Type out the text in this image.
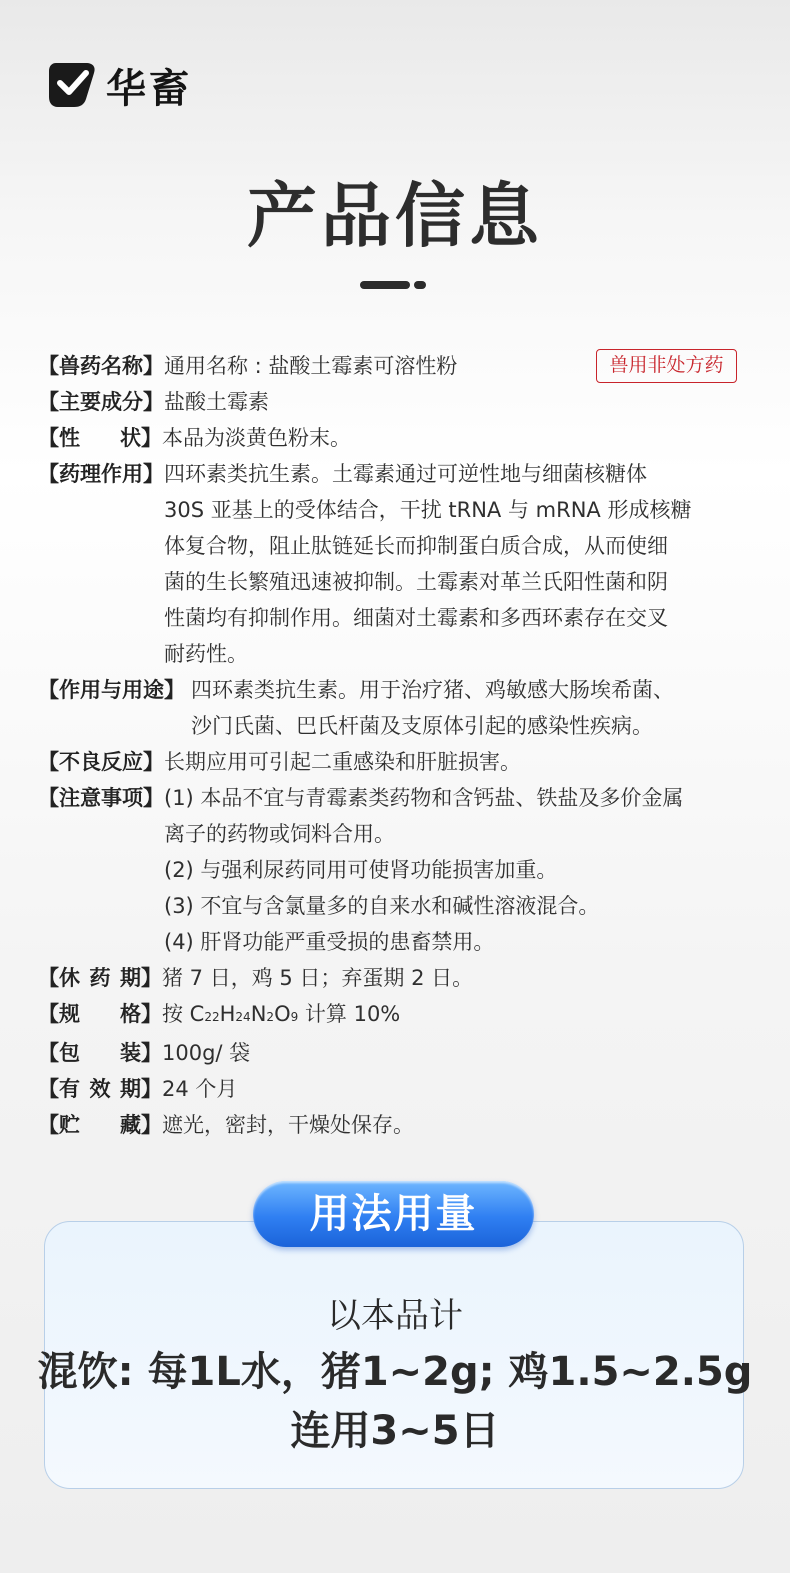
华畜
产品信息
兽用非处方药
【兽药名称】 通用名称 : 盐酸土霉素可溶性粉
【主要成分】 盐酸土霉素
【性 状】 本品为淡黄色粉末。
【药理作用】 四环素类抗生素。土霉素通过可逆性地与细菌核糖体
30S 亚基上的受体结合，干扰 tRNA 与 mRNA 形成核糖
体复合物，阻止肽链延长而抑制蛋白质合成，从而使细
菌的生长繁殖迅速被抑制。土霉素对革兰氏阳性菌和阴
性菌均有抑制作用。细菌对土霉素和多西环素存在交叉
耐药性。
【作用与用途】 四环素类抗生素。用于治疗猪、鸡敏感大肠埃希菌、
沙门氏菌、巴氏杆菌及支原体引起的感染性疾病。
【不良反应】 长期应用可引起二重感染和肝脏损害。
【注意事项】 (1) 本品不宜与青霉素类药物和含钙盐、铁盐及多价金属
离子的药物或饲料合用。
(2) 与强利尿药同用可使肾功能损害加重。
(3) 不宜与含氯量多的自来水和碱性溶液混合。
(4) 肝肾功能严重受损的患畜禁用。
【休 药 期】 猪 7 日，鸡 5 日；弃蛋期 2 日。
【规 格】 按 C22H24N2O9 计算 10%
【包 装】 100g/ 袋
【有 效 期】 24 个月
【贮 藏】 遮光，密封，干燥处保存。
用法用量
以本品计
混饮: 每1L水，猪1~2g; 鸡1.5~2.5g
连用3~5日
